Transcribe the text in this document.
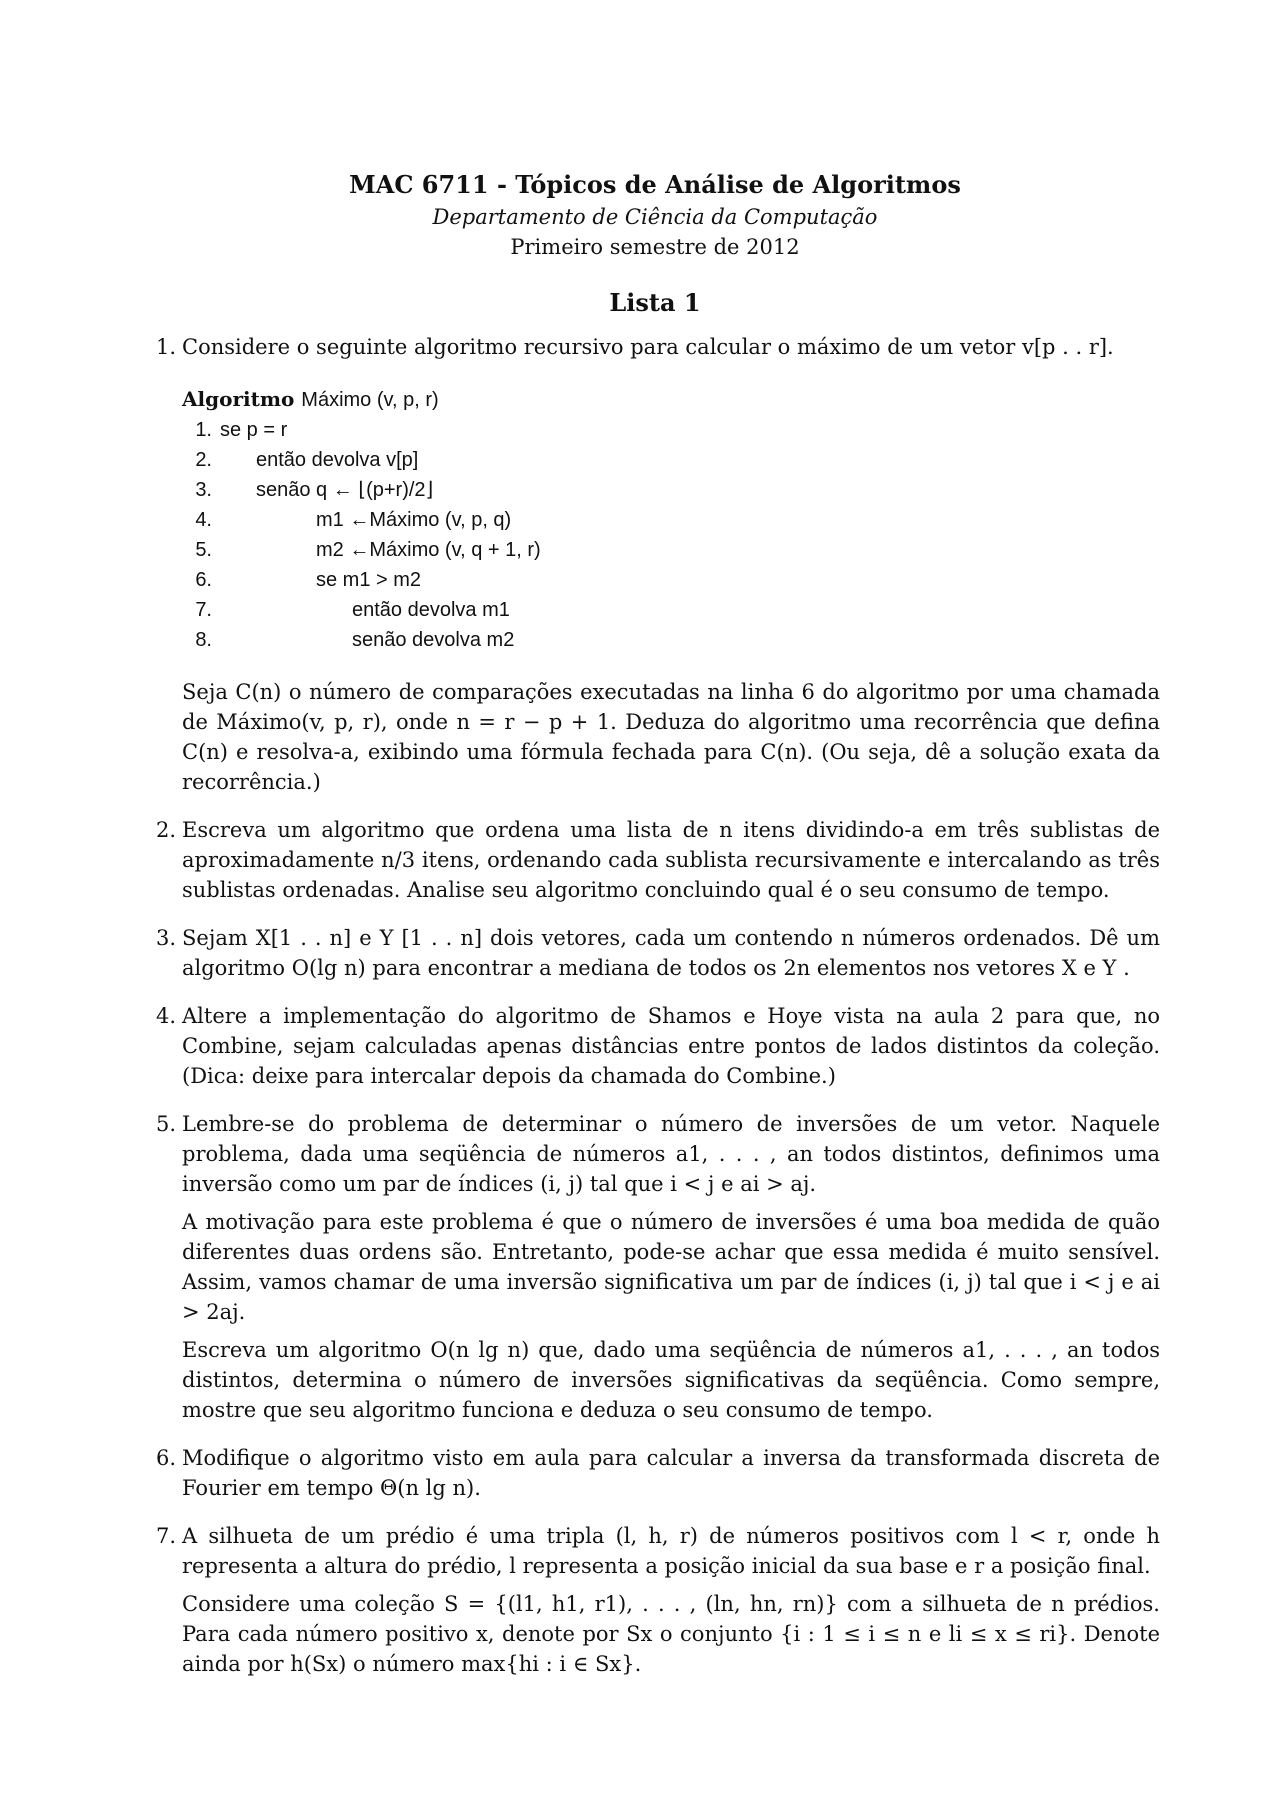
MAC 6711 - Tópicos de Análise de Algoritmos
Departamento de Ciência da Computação
Primeiro semestre de 2012
Lista 1
1. Considere o seguinte algoritmo recursivo para calcular o máximo de um vetor v[p . . r].

Algoritmo Máximo (v, p, r)
1. se p = r
2. então devolva v[p]
3. senão q ← ⌊(p+r)/2⌋
4.	m1 ←Máximo (v, p, q)
5.	m2 ←Máximo (v, q + 1, r)
6.	se m1 > m2
7.	então devolva m1
8.	senão devolva m2

Seja C(n) o número de comparações executadas na linha 6 do algoritmo por uma chamada de Máximo(v, p, r), onde n = r − p + 1. Deduza do algoritmo uma recorrência que defina C(n) e resolva-a, exibindo uma fórmula fechada para C(n). (Ou seja, dê a solução exata da recorrência.)

2. Escreva um algoritmo que ordena uma lista de n itens dividindo-a em três sublistas de aproximadamente n/3 itens, ordenando cada sublista recursivamente e intercalando as três sublistas ordenadas. Analise seu algoritmo concluindo qual é o seu consumo de tempo.

3. Sejam X[1 . . n] e Y [1 . . n] dois vetores, cada um contendo n números ordenados. Dê um algoritmo O(lg n) para encontrar a mediana de todos os 2n elementos nos vetores X e Y .

4. Altere a implementação do algoritmo de Shamos e Hoye vista na aula 2 para que, no Combine, sejam calculadas apenas distâncias entre pontos de lados distintos da coleção. (Dica: deixe para intercalar depois da chamada do Combine.)

5. Lembre-se do problema de determinar o número de inversões de um vetor. Naquele problema, dada uma seqüência de números a1, . . . , an todos distintos, definimos uma inversão como um par de índices (i, j) tal que i < j e ai > aj.

A motivação para este problema é que o número de inversões é uma boa medida de quão diferentes duas ordens são. Entretanto, pode-se achar que essa medida é muito sensível. Assim, vamos chamar de uma inversão significativa um par de índices (i, j) tal que i < j e ai > 2aj.

Escreva um algoritmo O(n lg n) que, dado uma seqüência de números a1, . . . , an todos distintos, determina o número de inversões significativas da seqüência. Como sempre, mostre que seu algoritmo funciona e deduza o seu consumo de tempo.

6. Modifique o algoritmo visto em aula para calcular a inversa da transformada discreta de Fourier em tempo Θ(n lg n).

7. A silhueta de um prédio é uma tripla (l, h, r) de números positivos com l < r, onde h representa a altura do prédio, l representa a posição inicial da sua base e r a posição final.

Considere uma coleção S = {(l1, h1, r1), . . . , (ln, hn, rn)} com a silhueta de n prédios. Para cada número positivo x, denote por Sx o conjunto {i : 1 ≤ i ≤ n e li ≤ x ≤ ri}. Denote ainda por h(Sx) o número max{hi : i ∈ Sx}.
